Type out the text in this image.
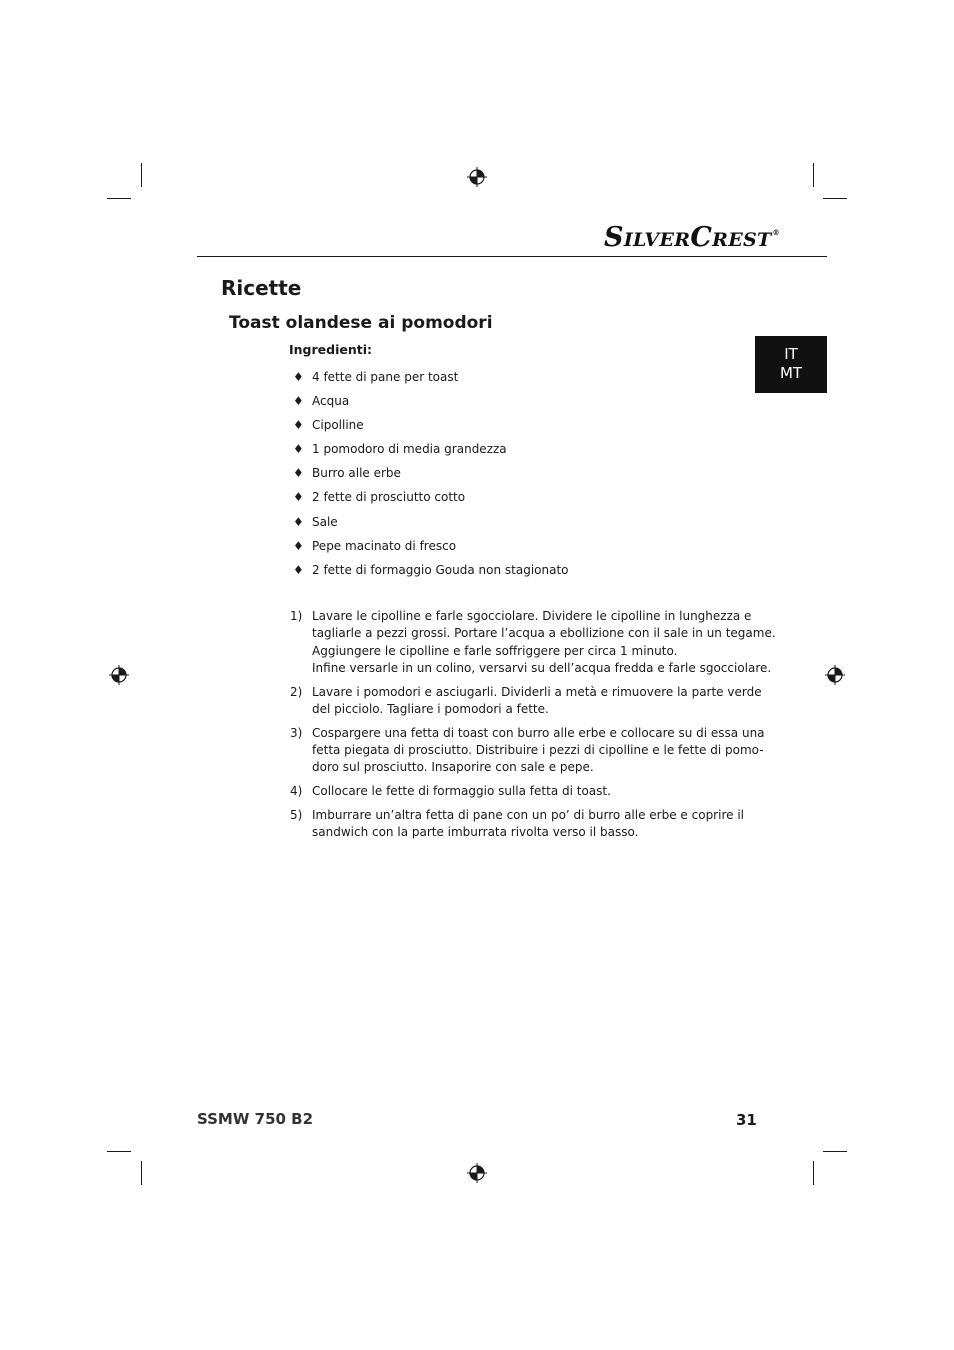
SILVERCREST®
Ricette
Toast olandese ai pomodori
Ingredienti:	IT
MT
♦ 4 fette di pane per toast
♦ Acqua
♦ Cipolline
♦ 1 pomodoro di media grandezza
♦ Burro alle erbe
♦ 2 fette di prosciutto cotto
♦ Sale
♦ Pepe macinato di fresco
♦ 2 fette di formaggio Gouda non stagionato
1) Lavare le cipolline e farle sgocciolare. Dividere le cipolline in lunghezza e
tagliarle a pezzi grossi. Portare l’acqua a ebollizione con il sale in un tegame.
Aggiungere le cipolline e farle soffriggere per circa 1 minuto.
Infine versarle in un colino, versarvi su dell’acqua fredda e farle sgocciolare.
2) Lavare i pomodori e asciugarli. Dividerli a metà e rimuovere la parte verde
del picciolo. Tagliare i pomodori a fette.
3) Cospargere una fetta di toast con burro alle erbe e collocare su di essa una
fetta piegata di prosciutto. Distribuire i pezzi di cipolline e le fette di pomo-
doro sul prosciutto. Insaporire con sale e pepe.
4) Collocare le fette di formaggio sulla fetta di toast.
5) Imburrare un’altra fetta di pane con un po’ di burro alle erbe e coprire il
sandwich con la parte imburrata rivolta verso il basso.
SSMW 750 B2	31
